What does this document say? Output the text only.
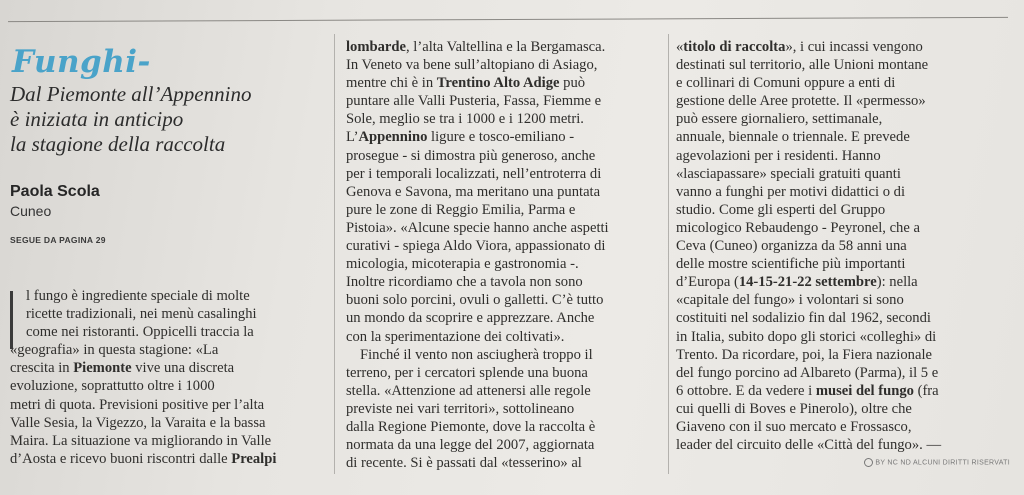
Funghi-
Dal Piemonte all’Appennino
è iniziata in anticipo
la stagione della raccolta
Paola Scola
Cuneo
SEGUE DA PAGINA 29
l fungo è ingrediente speciale di molte
ricette tradizionali, nei menù casalinghi
come nei ristoranti. Oppicelli traccia la
«geografia» in questa stagione: «La
crescita in Piemonte vive una discreta
evoluzione, soprattutto oltre i 1000
metri di quota. Previsioni positive per l’alta
Valle Sesia, la Vigezzo, la Varaita e la bassa
Maira. La situazione va migliorando in Valle
d’Aosta e ricevo buoni riscontri dalle Prealpi
lombarde, l’alta Valtellina e la Bergamasca.
In Veneto va bene sull’altopiano di Asiago,
mentre chi è in Trentino Alto Adige può
puntare alle Valli Pusteria, Fassa, Fiemme e
Sole, meglio se tra i 1000 e i 1200 metri.
L’Appennino ligure e tosco-emiliano -
prosegue - si dimostra più generoso, anche
per i temporali localizzati, nell’entroterra di
Genova e Savona, ma meritano una puntata
pure le zone di Reggio Emilia, Parma e
Pistoia». «Alcune specie hanno anche aspetti
curativi - spiega Aldo Viora, appassionato di
micologia, micoterapia e gastronomia -.
Inoltre ricordiamo che a tavola non sono
buoni solo porcini, ovuli o galletti. C’è tutto
un mondo da scoprire e apprezzare. Anche
con la sperimentazione dei coltivati».
Finché il vento non asciugherà troppo il
terreno, per i cercatori splende una buona
stella. «Attenzione ad attenersi alle regole
previste nei vari territori», sottolineano
dalla Regione Piemonte, dove la raccolta è
normata da una legge del 2007, aggiornata
di recente. Si è passati dal «tesserino» al
«titolo di raccolta», i cui incassi vengono
destinati sul territorio, alle Unioni montane
e collinari di Comuni oppure a enti di
gestione delle Aree protette. Il «permesso»
può essere giornaliero, settimanale,
annuale, biennale o triennale. E prevede
agevolazioni per i residenti. Hanno
«lasciapassare» speciali gratuiti quanti
vanno a funghi per motivi didattici o di
studio. Come gli esperti del Gruppo
micologico Rebaudengo - Peyronel, che a
Ceva (Cuneo) organizza da 58 anni una
delle mostre scientifiche più importanti
d’Europa (14-15-21-22 settembre): nella
«capitale del fungo» i volontari si sono
costituiti nel sodalizio fin dal 1962, secondi
in Italia, subito dopo gli storici «colleghi» di
Trento. Da ricordare, poi, la Fiera nazionale
del fungo porcino ad Albareto (Parma), il 5 e
6 ottobre. E da vedere i musei del fungo (fra
cui quelli di Boves e Pinerolo), oltre che
Giaveno con il suo mercato e Frossasco,
leader del circuito delle «Città del fungo». —
BY NC ND ALCUNI DIRITTI RISERVATI
